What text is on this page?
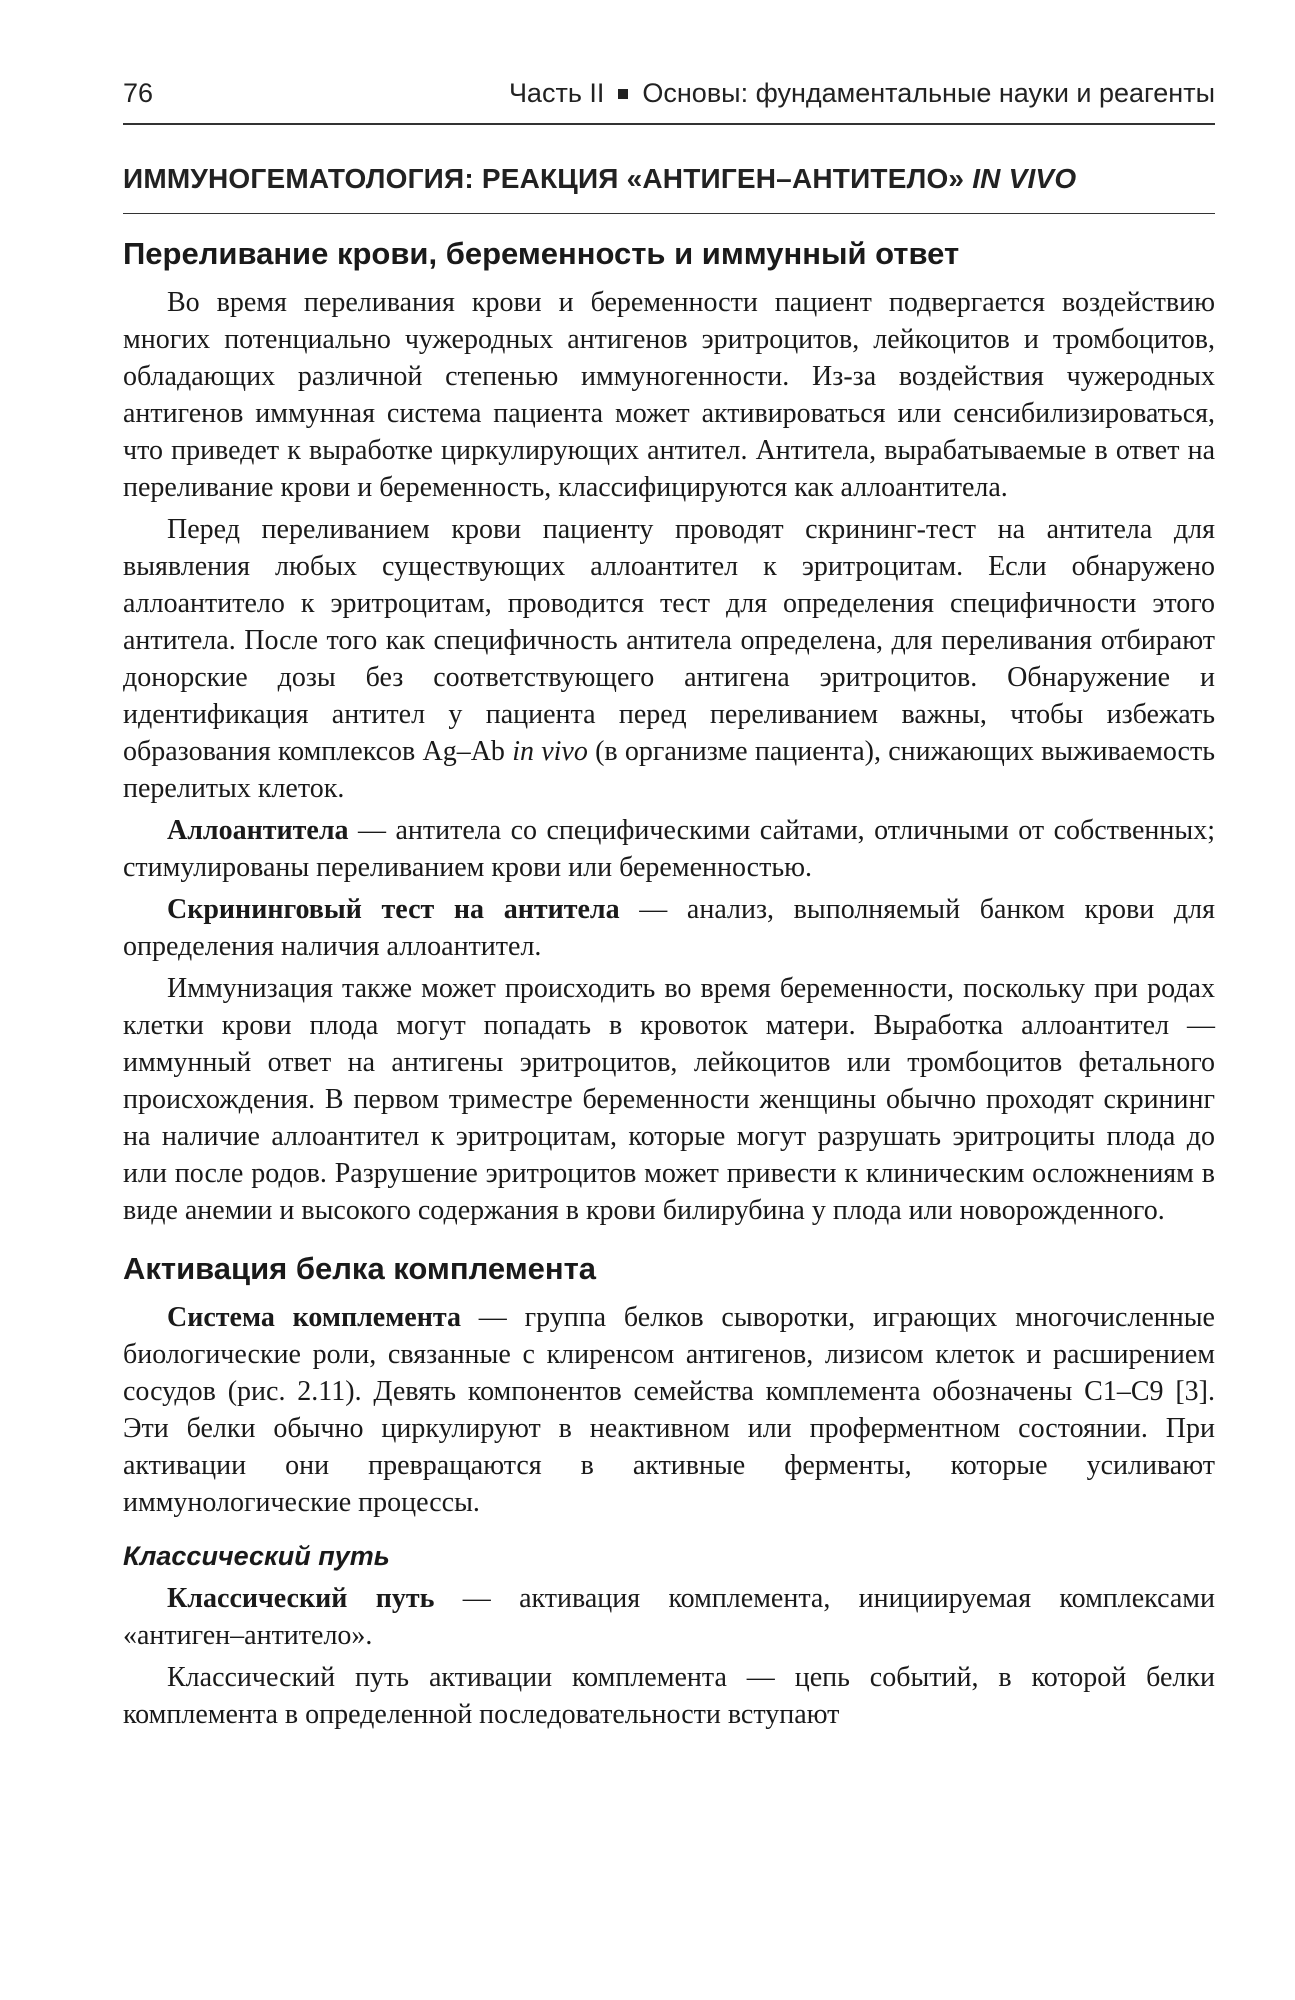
76	Часть II Основы: фундаментальные науки и реагенты
ИММУНОГЕМАТОЛОГИЯ: РЕАКЦИЯ «АНТИГЕН–АНТИТЕЛО» IN VIVO
Переливание крови, беременность и иммунный ответ

Во время переливания крови и беременности пациент подвергается воздействию многих потенциально чужеродных антигенов эритроцитов, лейкоцитов и тромбоцитов, обладающих различной степенью иммуногенности. Из-за воздействия чужеродных антигенов иммунная система пациента может активироваться или сенсибилизироваться, что приведет к выработке циркулирующих антител. Антитела, вырабатываемые в ответ на переливание крови и беременность, классифицируются как аллоантитела.

Перед переливанием крови пациенту проводят скрининг-тест на антитела для выявления любых существующих аллоантител к эритроцитам. Если обнаружено аллоантитело к эритроцитам, проводится тест для определения специфичности этого антитела. После того как специфичность антитела определена, для переливания отбирают донорские дозы без соответствующего антигена эритроцитов. Обнаружение и идентификация антител у пациента перед переливанием важны, чтобы избежать образования комплексов Ag–Ab in vivo (в организме пациента), снижающих выживаемость перелитых клеток.

Аллоантитела — антитела со специфическими сайтами, отличными от собственных; стимулированы переливанием крови или беременностью.

Скрининговый тест на антитела — анализ, выполняемый банком крови для определения наличия аллоантител.

Иммунизация также может происходить во время беременности, поскольку при родах клетки крови плода могут попадать в кровоток матери. Выработка аллоантител — иммунный ответ на антигены эритроцитов, лейкоцитов или тромбоцитов фетального происхождения. В первом триместре беременности женщины обычно проходят скрининг на наличие аллоантител к эритроцитам, которые могут разрушать эритроциты плода до или после родов. Разрушение эритроцитов может привести к клиническим осложнениям в виде анемии и высокого содержания в крови билирубина у плода или новорожденного.

Активация белка комплемента

Система комплемента — группа белков сыворотки, играющих многочисленные биологические роли, связанные с клиренсом антигенов, лизисом клеток и расширением сосудов (рис. 2.11). Девять компонентов семейства комплемента обозначены C1–C9 [3]. Эти белки обычно циркулируют в неактивном или проферментном состоянии. При активации они превращаются в активные ферменты, которые усиливают иммунологические процессы.

Классический путь

Классический путь — активация комплемента, инициируемая комплексами «антиген–антитело».

Классический путь активации комплемента — цепь событий, в которой белки комплемента в определенной последовательности вступают
